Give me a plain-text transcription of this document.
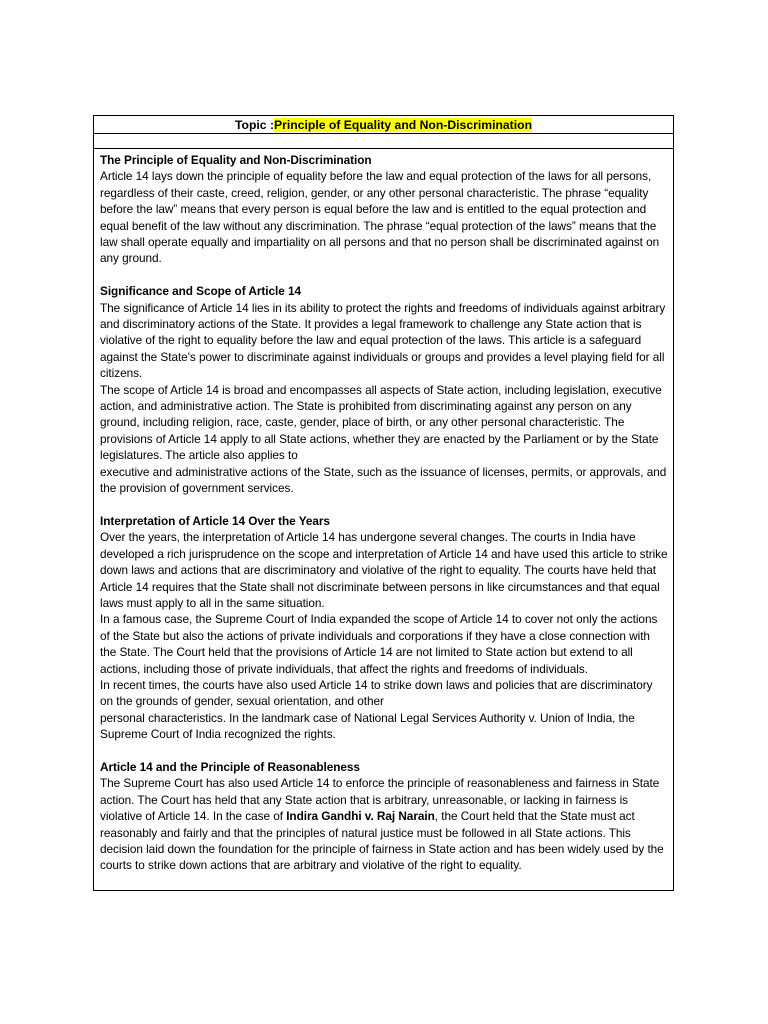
Topic : Principle of Equality and Non-Discrimination
The Principle of Equality and Non-Discrimination

Article 14 lays down the principle of equality before the law and equal protection of the laws for all persons, regardless of their caste, creed, religion, gender, or any other personal characteristic. The phrase “equality before the law” means that every person is equal before the law and is entitled to the equal protection and equal benefit of the law without any discrimination. The phrase “equal protection of the laws” means that the law shall operate equally and impartiality on all persons and that no person shall be discriminated against on any ground.

Significance and Scope of Article 14

The significance of Article 14 lies in its ability to protect the rights and freedoms of individuals against arbitrary and discriminatory actions of the State. It provides a legal framework to challenge any State action that is violative of the right to equality before the law and equal protection of the laws. This article is a safeguard against the State's power to discriminate against individuals or groups and provides a level playing field for all citizens.

The scope of Article 14 is broad and encompasses all aspects of State action, including legislation, executive action, and administrative action. The State is prohibited from discriminating against any person on any ground, including religion, race, caste, gender, place of birth, or any other personal characteristic. The provisions of Article 14 apply to all State actions, whether they are enacted by the Parliament or by the State legislatures. The article also applies to

executive and administrative actions of the State, such as the issuance of licenses, permits, or approvals, and the provision of government services.

Interpretation of Article 14 Over the Years

Over the years, the interpretation of Article 14 has undergone several changes. The courts in India have developed a rich jurisprudence on the scope and interpretation of Article 14 and have used this article to strike down laws and actions that are discriminatory and violative of the right to equality. The courts have held that Article 14 requires that the State shall not discriminate between persons in like circumstances and that equal laws must apply to all in the same situation.

In a famous case, the Supreme Court of India expanded the scope of Article 14 to cover not only the actions of the State but also the actions of private individuals and corporations if they have a close connection with the State. The Court held that the provisions of Article 14 are not limited to State action but extend to all actions, including those of private individuals, that affect the rights and freedoms of individuals.

In recent times, the courts have also used Article 14 to strike down laws and policies that are discriminatory on the grounds of gender, sexual orientation, and other

personal characteristics. In the landmark case of National Legal Services Authority v. Union of India, the Supreme Court of India recognized the rights.

Article 14 and the Principle of Reasonableness

The Supreme Court has also used Article 14 to enforce the principle of reasonableness and fairness in State action. The Court has held that any State action that is arbitrary, unreasonable, or lacking in fairness is violative of Article 14. In the case of Indira Gandhi v. Raj Narain, the Court held that the State must act reasonably and fairly and that the principles of natural justice must be followed in all State actions. This decision laid down the foundation for the principle of fairness in State action and has been widely used by the courts to strike down actions that are arbitrary and violative of the right to equality.
